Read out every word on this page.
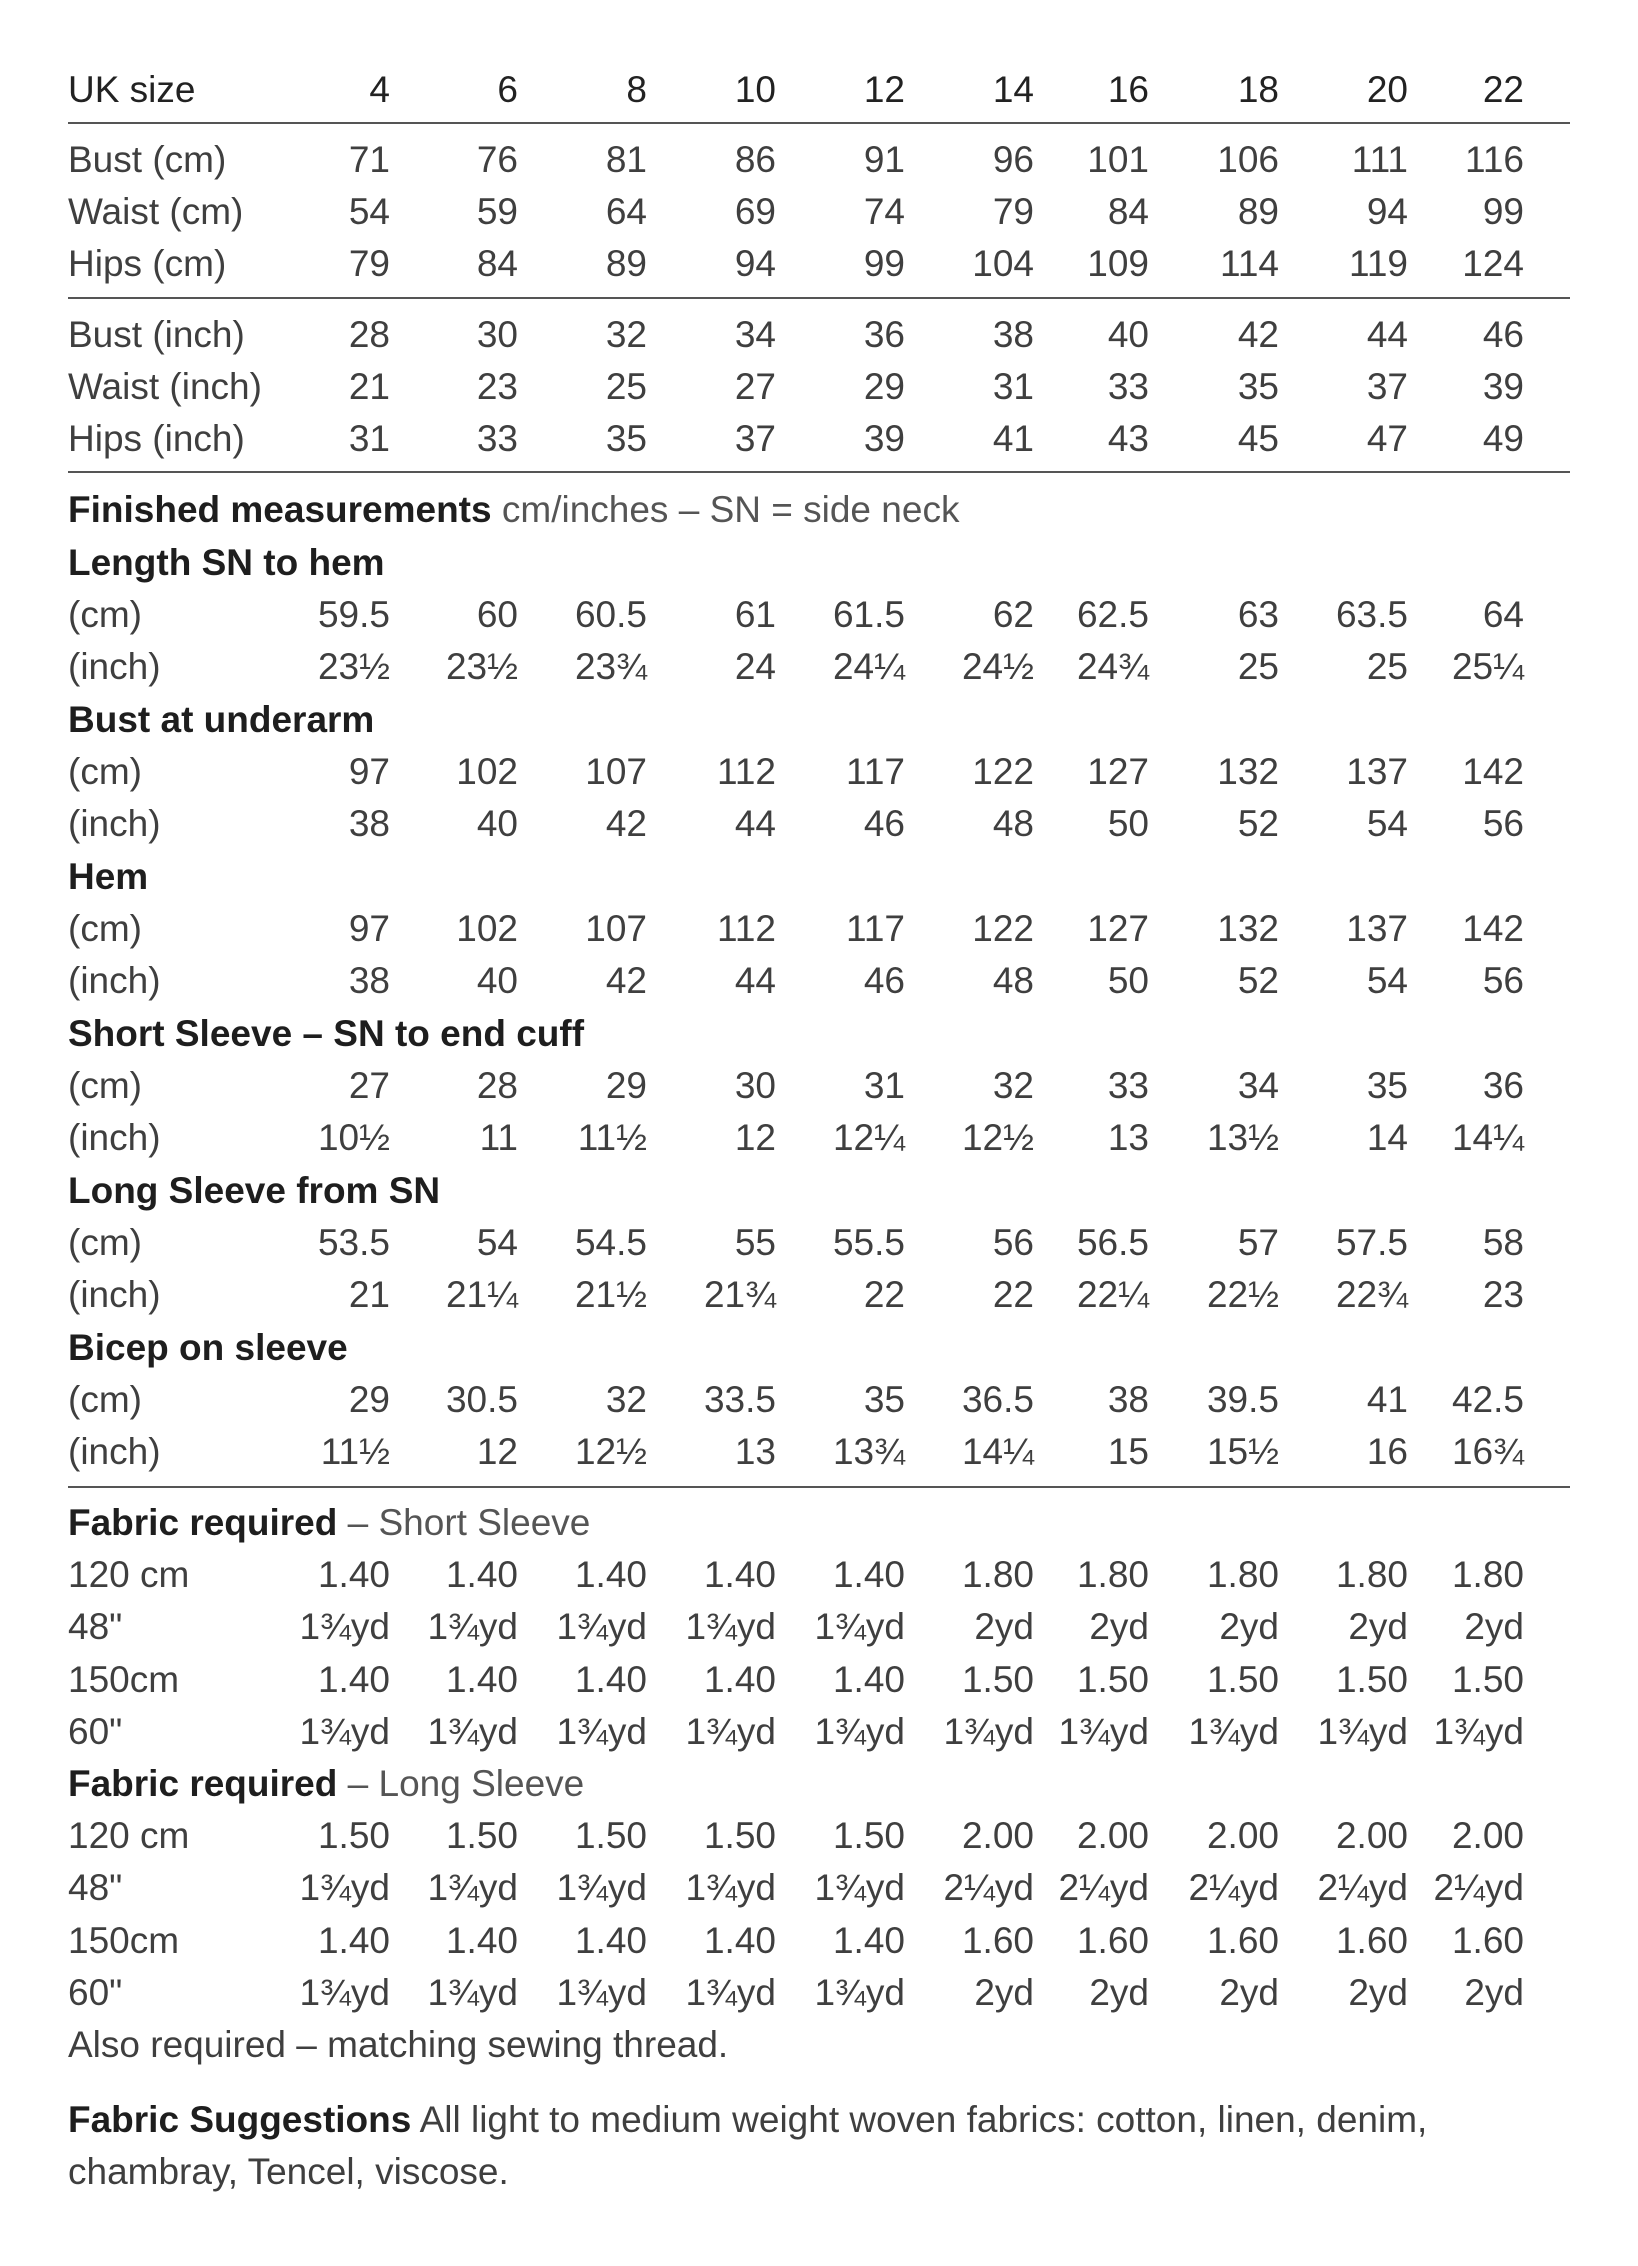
UK size	4	6	8	10	12	14	16	18	20	22
Bust (cm)	71	76	81	86	91	96	101	106	111	116
Waist (cm)	54	59	64	69	74	79	84	89	94	99
Hips (cm)	79	84	89	94	99	104	109	114	119	124
Bust (inch)	28	30	32	34	36	38	40	42	44	46
Waist (inch)	21	23	25	27	29	31	33	35	37	39
Hips (inch)	31	33	35	37	39	41	43	45	47	49
Finished measurements cm/inches – SN = side neck
Length SN to hem
(cm)	59.5	60	60.5	61	61.5	62	62.5	63	63.5	64
(inch)	23½	23½	23¾	24	24¼	24½	24¾	25	25	25¼
Bust at underarm
(cm)	97	102	107	112	117	122	127	132	137	142
(inch)	38	40	42	44	46	48	50	52	54	56
Hem
(cm)	97	102	107	112	117	122	127	132	137	142
(inch)	38	40	42	44	46	48	50	52	54	56
Short Sleeve – SN to end cuff
(cm)	27	28	29	30	31	32	33	34	35	36
(inch)	10½	11	11½	12	12¼	12½	13	13½	14	14¼
Long Sleeve from SN
(cm)	53.5	54	54.5	55	55.5	56	56.5	57	57.5	58
(inch)	21	21¼	21½	21¾	22	22	22¼	22½	22¾	23
Bicep on sleeve
(cm)	29	30.5	32	33.5	35	36.5	38	39.5	41	42.5
(inch)	11½	12	12½	13	13¾	14¼	15	15½	16	16¾
Fabric required – Short Sleeve
120 cm	1.40	1.40	1.40	1.40	1.40	1.80	1.80	1.80	1.80	1.80
48"	1¾yd	1¾yd	1¾yd	1¾yd	1¾yd	2yd	2yd	2yd	2yd	2yd
150cm	1.40	1.40	1.40	1.40	1.40	1.50	1.50	1.50	1.50	1.50
60"	1¾yd	1¾yd	1¾yd	1¾yd	1¾yd	1¾yd 1¾yd	1¾yd	1¾yd 1¾yd
Fabric required – Long Sleeve
120 cm	1.50	1.50	1.50	1.50	1.50	2.00	2.00	2.00	2.00	2.00
48"	1¾yd	1¾yd	1¾yd	1¾yd	1¾yd	2¼yd 2¼yd	2¼yd	2¼yd 2¼yd
150cm	1.40	1.40	1.40	1.40	1.40	1.60	1.60	1.60	1.60	1.60
60"	1¾yd	1¾yd	1¾yd	1¾yd	1¾yd	2yd	2yd	2yd	2yd	2yd
Also required – matching sewing thread.
Fabric Suggestions All light to medium weight woven fabrics: cotton, linen, denim, chambray, Tencel, viscose.
